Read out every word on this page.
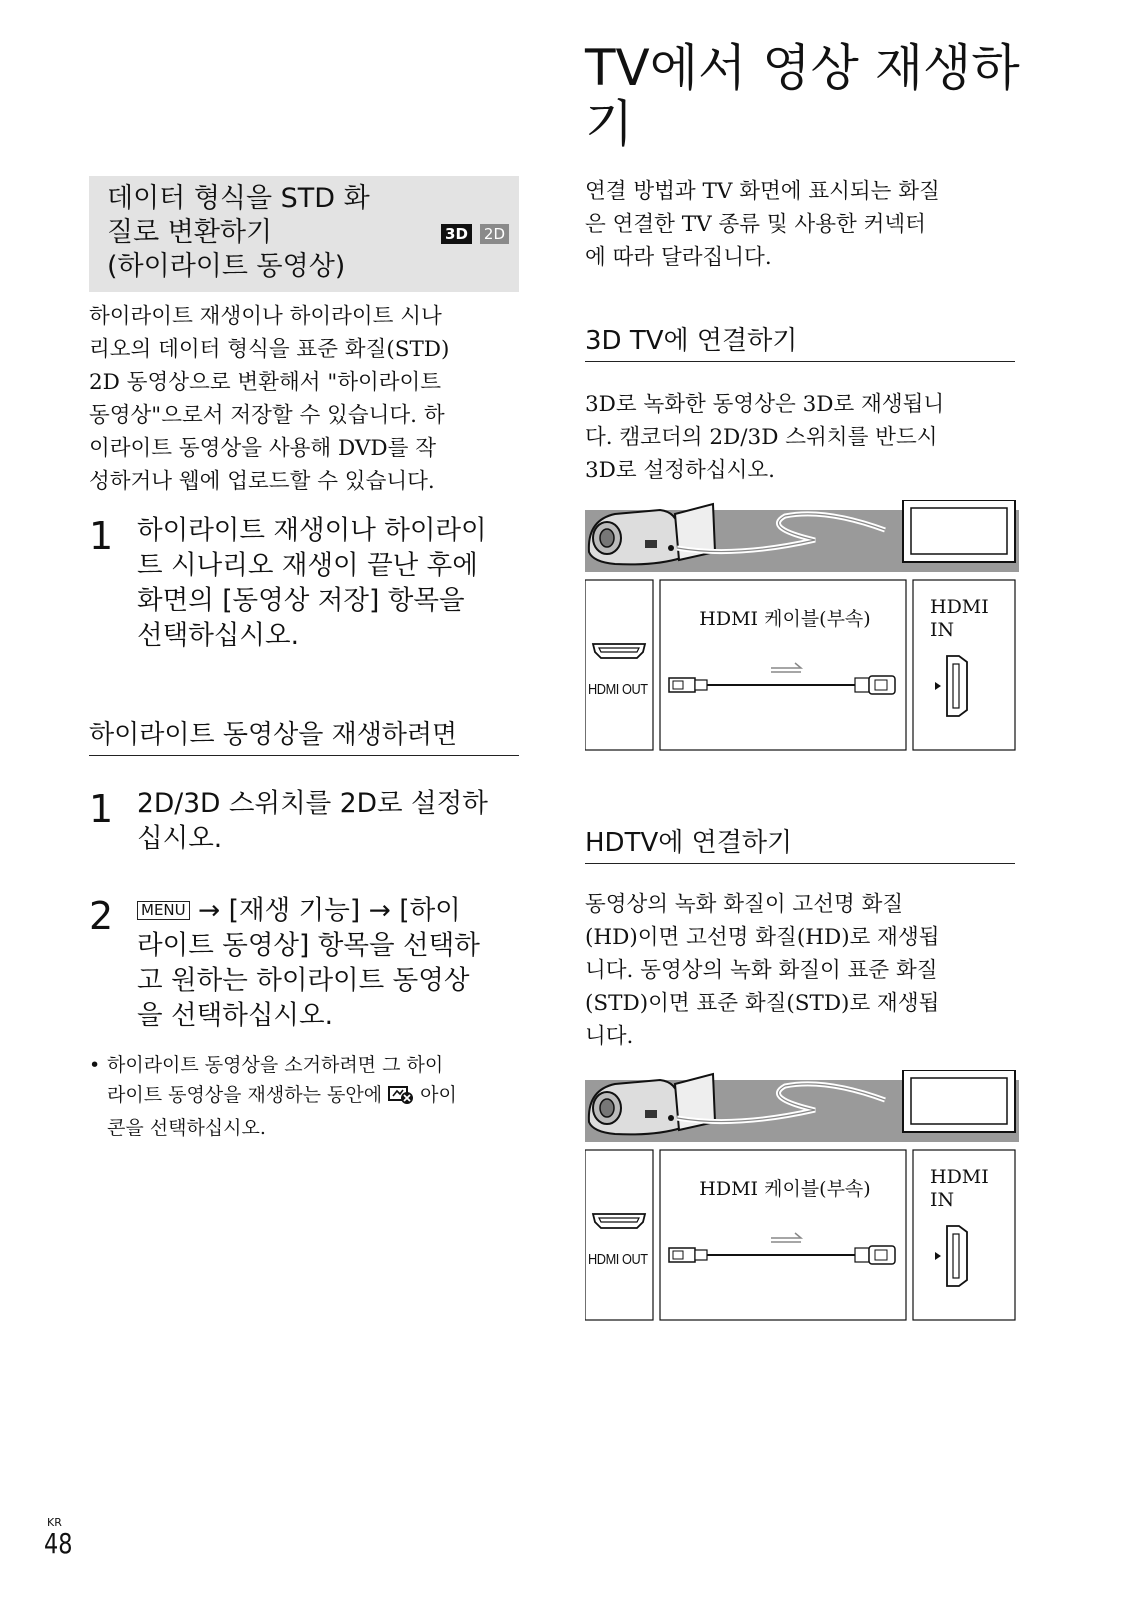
데이터 형식을 STD 화
질로 변환하기
(하이라이트 동영상)
3D 2D
하이라이트 재생이나 하이라이트 시나
리오의 데이터 형식을 표준 화질(STD)
2D 동영상으로 변환해서 "하이라이트
동영상"으로서 저장할 수 있습니다. 하
이라이트 동영상을 사용해 DVD를 작
성하거나 웹에 업로드할 수 있습니다.
1 하이라이트 재생이나 하이라이
트 시나리오 재생이 끝난 후에
화면의 [동영상 저장] 항목을
선택하십시오.
하이라이트 동영상을 재생하려면
1 2D/3D 스위치를 2D로 설정하
십시오.
2 MENU → [재생 기능] → [하이
라이트 동영상] 항목을 선택하
고 원하는 하이라이트 동영상
을 선택하십시오.
• 하이라이트 동영상을 소거하려면 그 하이
라이트 동영상을 재생하는 동안에  아이
콘을 선택하십시오.
TV에서 영상 재생하
기
연결 방법과 TV 화면에 표시되는 화질
은 연결한 TV 종류 및 사용한 커넥터
에 따라 달라집니다.
3D TV에 연결하기
3D로 녹화한 동영상은 3D로 재생됩니
다. 캠코더의 2D/3D 스위치를 반드시
3D로 설정하십시오.
HDMI 케이블(부속)
HDMI
IN
HDMI OUT
HDTV에 연결하기
동영상의 녹화 화질이 고선명 화질
(HD)이면 고선명 화질(HD)로 재생됩
니다. 동영상의 녹화 화질이 표준 화질
(STD)이면 표준 화질(STD)로 재생됩
니다.
HDMI 케이블(부속)
HDMI
IN
HDMI OUT
KR
48
